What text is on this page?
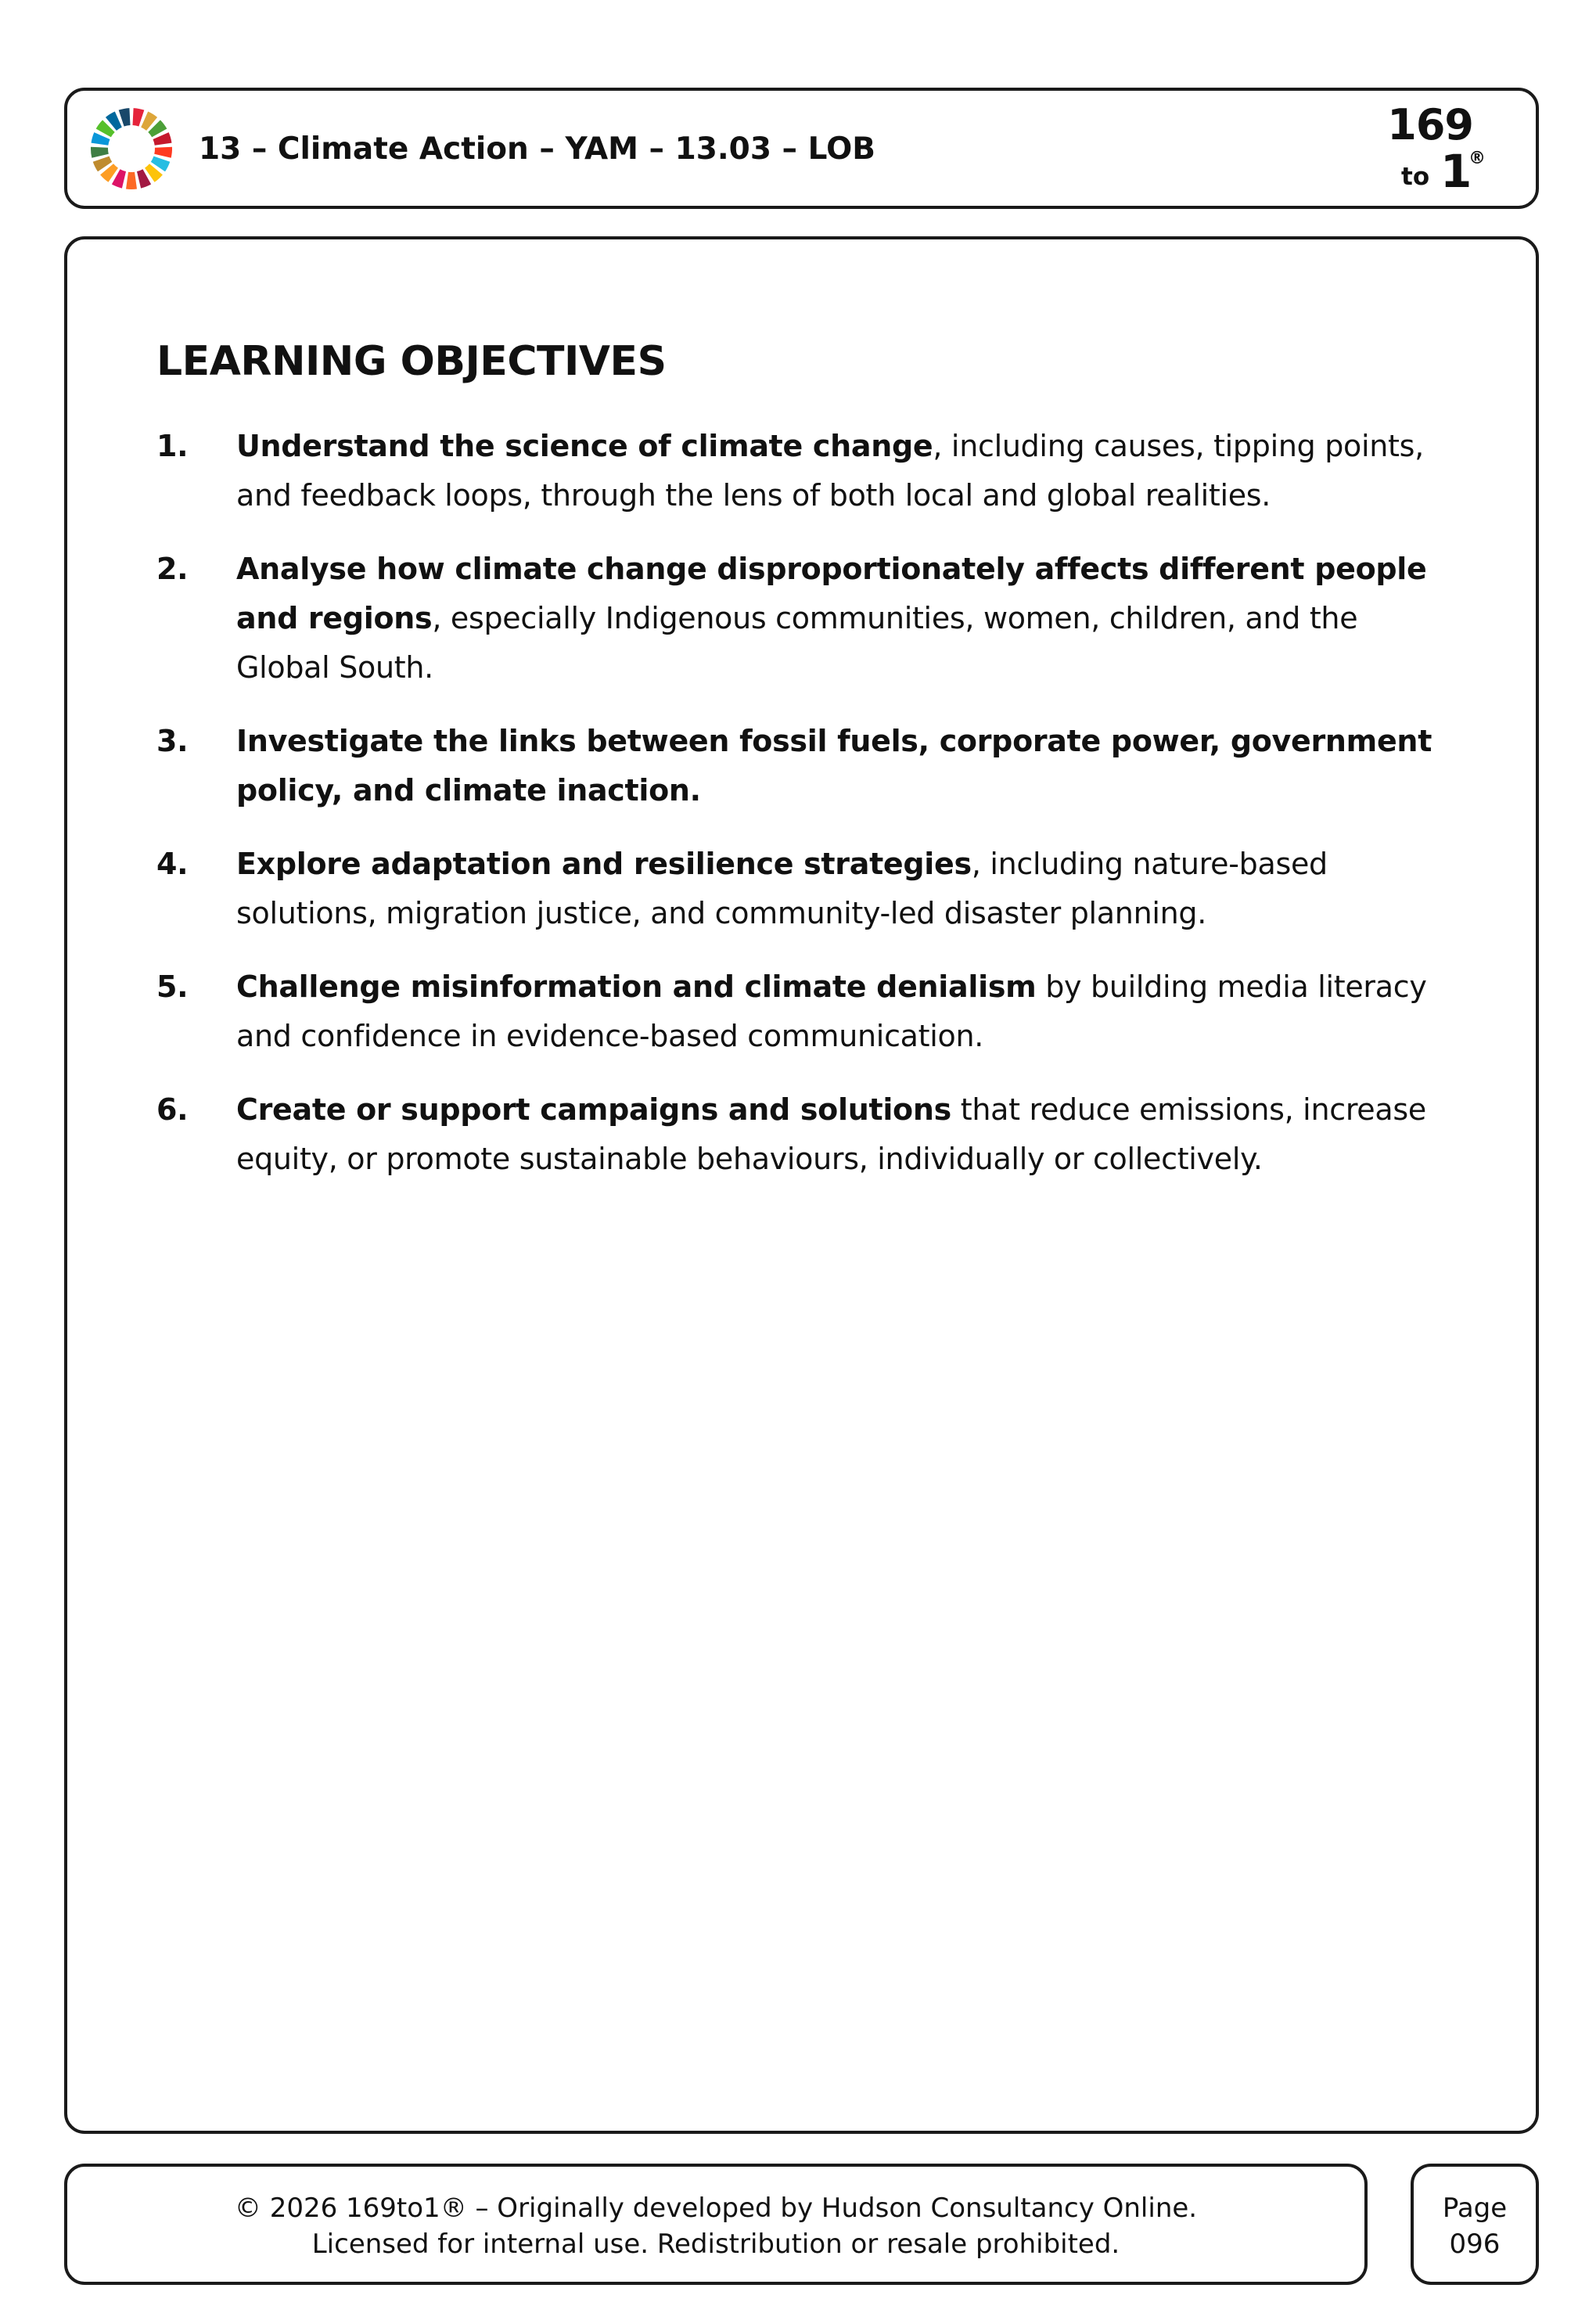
13 – Climate Action – YAM – 13.03 – LOB	169
to 1
®
LEARNING OBJECTIVES
1. Understand the science of climate change, including causes, tipping points, and feedback loops, through the lens of both local and global realities.
2. Analyse how climate change disproportionately affects different people and regions, especially Indigenous communities, women, children, and the Global South.
3. Investigate the links between fossil fuels, corporate power, government policy, and climate inaction.
4. Explore adaptation and resilience strategies, including nature-based solutions, migration justice, and community-led disaster planning.
5. Challenge misinformation and climate denialism by building media literacy and confidence in evidence-based communication.
6. Create or support campaigns and solutions that reduce emissions, increase equity, or promote sustainable behaviours, individually or collectively.
© 2026 169to1® – Originally developed by Hudson Consultancy Online.
Licensed for internal use. Redistribution or resale prohibited.
Page
096
